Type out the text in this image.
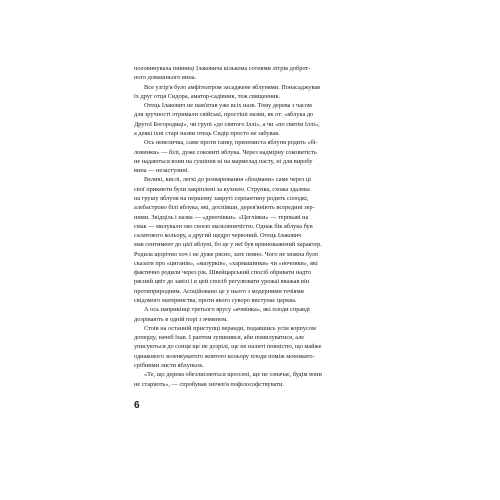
половинувала пивниці Ілаковича кількома сотнями літрів доброт-
ного домашнього вина.

Все узгір'я було амфітеатром засаджене яблунями. Понасаджував
їх друг отця Сидора, аматор-садівник, теж священник.

Отець Ілакович не пам'ятав уже всіх назв. Тому дерева з часом
для зручності отримали свійські, простіші назви, як от: «яблука до
Другої Богородиці», чи групі «до святого Іллі», а чи «по святім Іллі»,
а деякі їхні старі назви отець Сидір просто не забував.

Ось невеличка, саме проти ганку, приземиста яблуня родить «бі-
ловинки» — білі, дуже соковиті яблука. Через надмірну соковитість
не надаються вони на сушіння ні на мармелад пасту, ні для виробу
вина — незастулині.

Великі, кислі, легкі до розварювання «боцмани» саме через ці
свої прикмети були закріплені за кухнею. Струнка, схожа здалека
на грушу яблуня на першому закруті серпантину родить солодкі,
алебастрово білі яблука, які, доспівши, дерев'яніють всередині зер-
ними. Звідціль і назва — «дренчівки». «Цеглівки» — терпкаві на
смак — милували око своєю мальовничістю. Однак бік яблука був
салатового кольору, а другий щедро червоний. Отець Ілакович
мав сентимент до цієї яблуні, бо це у неї був врівноважений характер.
Родила щорічно хоч і не дуже рясно, зате певно. Чого не можна було
сказати про «циганів», «мазурків», «хармашинки» чи «ночовки», які
фактично родили через рік. Швейцарський спосіб обривати надто
рясний цвіт до завізі і в цей спосіб регулювати урожаї вважав він
протиприродним. Асоційовано це у нього з модерними течіями
свідомого материнства, проти якого суворо виступає церква.

А ось наприкінці третього ярусу «ячмінка», які плоди справді
дозрівають в одній порі з ячменем.

Стоїв на останній приступці веранди, подавшись усім корпусом
доперду, начеб їхав. І раптом зупинився, аби помилуватися, але
уписуються до сонця ще не дозрілі, ще не налиті повністю, що майже
однакового зеленкуватого жовтого кольору плоди поміж моножато-
срібними листи яблуньок.

«Те, що дерева обезлиснються щоосені, ще не означає, будім вони
не старіють», — спробував знічев'я пофілософствувати.

6
